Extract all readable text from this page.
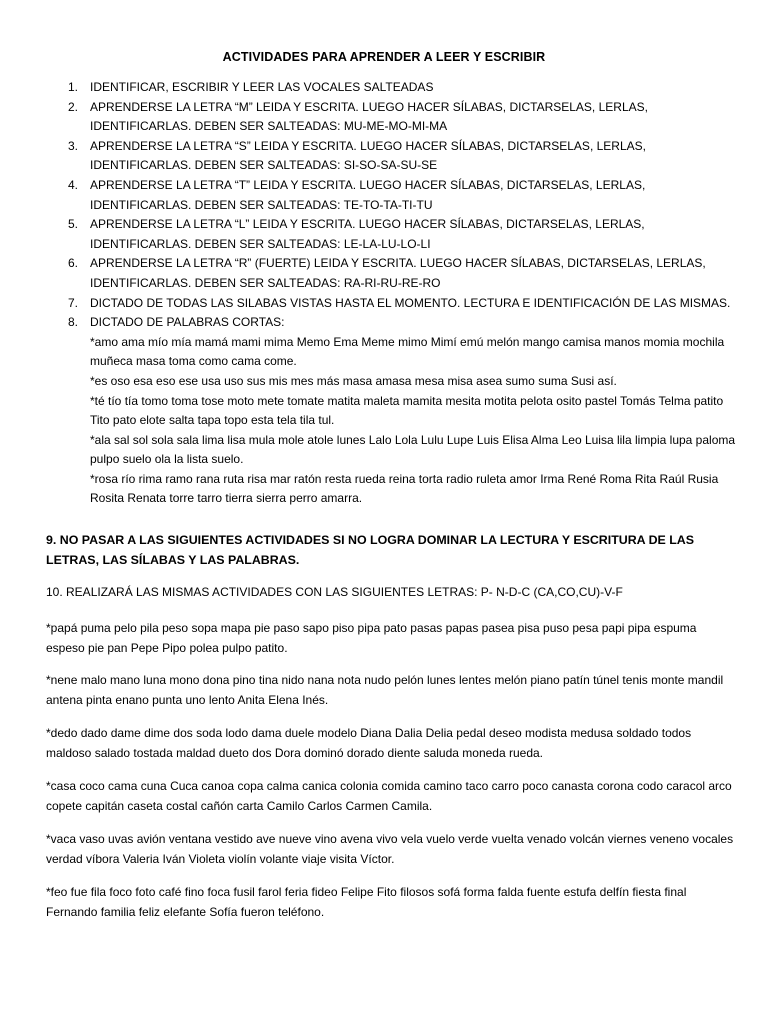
ACTIVIDADES PARA APRENDER A LEER Y ESCRIBIR
1. IDENTIFICAR, ESCRIBIR Y LEER LAS VOCALES SALTEADAS
2. APRENDERSE LA LETRA “M” LEIDA Y ESCRITA. LUEGO HACER SÍLABAS, DICTARSELAS, LERLAS, IDENTIFICARLAS. DEBEN SER SALTEADAS: MU-ME-MO-MI-MA
3. APRENDERSE LA LETRA “S” LEIDA Y ESCRITA. LUEGO HACER SÍLABAS, DICTARSELAS, LERLAS, IDENTIFICARLAS. DEBEN SER SALTEADAS: SI-SO-SA-SU-SE
4. APRENDERSE LA LETRA “T” LEIDA Y ESCRITA. LUEGO HACER SÍLABAS, DICTARSELAS, LERLAS, IDENTIFICARLAS. DEBEN SER SALTEADAS: TE-TO-TA-TI-TU
5. APRENDERSE LA LETRA “L” LEIDA Y ESCRITA. LUEGO HACER SÍLABAS, DICTARSELAS, LERLAS, IDENTIFICARLAS. DEBEN SER SALTEADAS: LE-LA-LU-LO-LI
6. APRENDERSE LA LETRA “R” (FUERTE) LEIDA Y ESCRITA. LUEGO HACER SÍLABAS, DICTARSELAS, LERLAS, IDENTIFICARLAS. DEBEN SER SALTEADAS: RA-RI-RU-RE-RO
7. DICTADO DE TODAS LAS SILABAS VISTAS HASTA EL MOMENTO. LECTURA E IDENTIFICACIÓN DE LAS MISMAS.
8. DICTADO DE PALABRAS CORTAS:

*amo ama mío mía mamá mami mima Memo Ema Meme mimo Mimí emú melón mango camisa manos momia mochila muñeca masa toma como cama come.

*es oso esa eso ese usa uso sus mis mes más masa amasa mesa misa asea sumo suma Susi así.

*té tío tía tomo toma tose moto mete tomate matita maleta mamita mesita motita pelota osito pastel Tomás Telma patito Tito pato elote salta tapa topo esta tela tila tul.

*ala sal sol sola sala lima lisa mula mole atole lunes Lalo Lola Lulu Lupe Luis Elisa Alma Leo Luisa lila limpia lupa paloma pulpo suelo ola la lista suelo.

*rosa río rima ramo rana ruta risa mar ratón resta rueda reina torta radio ruleta amor Irma René Roma Rita Raúl Rusia Rosita Renata torre tarro tierra sierra perro amarra.

9. NO PASAR A LAS SIGUIENTES ACTIVIDADES SI NO LOGRA DOMINAR LA LECTURA Y ESCRITURA DE LAS LETRAS, LAS SÍLABAS Y LAS PALABRAS.

10. REALIZARÁ LAS MISMAS ACTIVIDADES CON LAS SIGUIENTES LETRAS: P- N-D-C (CA,CO,CU)-V-F

*papá puma pelo pila peso sopa mapa pie paso sapo piso pipa pato pasas papas pasea pisa puso pesa papi pipa espuma espeso pie pan Pepe Pipo polea pulpo patito.

*nene malo mano luna mono dona pino tina nido nana nota nudo pelón lunes lentes melón piano patín túnel tenis monte mandil antena pinta enano punta uno lento Anita Elena Inés.

*dedo dado dame dime dos soda lodo dama duele modelo Diana Dalia Delia pedal deseo modista medusa soldado todos maldoso salado tostada maldad dueto dos Dora dominó dorado diente saluda moneda rueda.

*casa coco cama cuna Cuca canoa copa calma canica colonia comida camino taco carro poco canasta corona codo caracol arco copete capitán caseta costal cañón carta Camilo Carlos Carmen Camila.

*vaca vaso uvas avión ventana vestido ave nueve vino avena vivo vela vuelo verde vuelta venado volcán viernes veneno vocales verdad víbora Valeria Iván Violeta violín volante viaje visita Víctor.

*feo fue fila foco foto café fino foca fusil farol feria fideo Felipe Fito filosos sofá forma falda fuente estufa delfín fiesta final Fernando familia feliz elefante Sofía fueron teléfono.
